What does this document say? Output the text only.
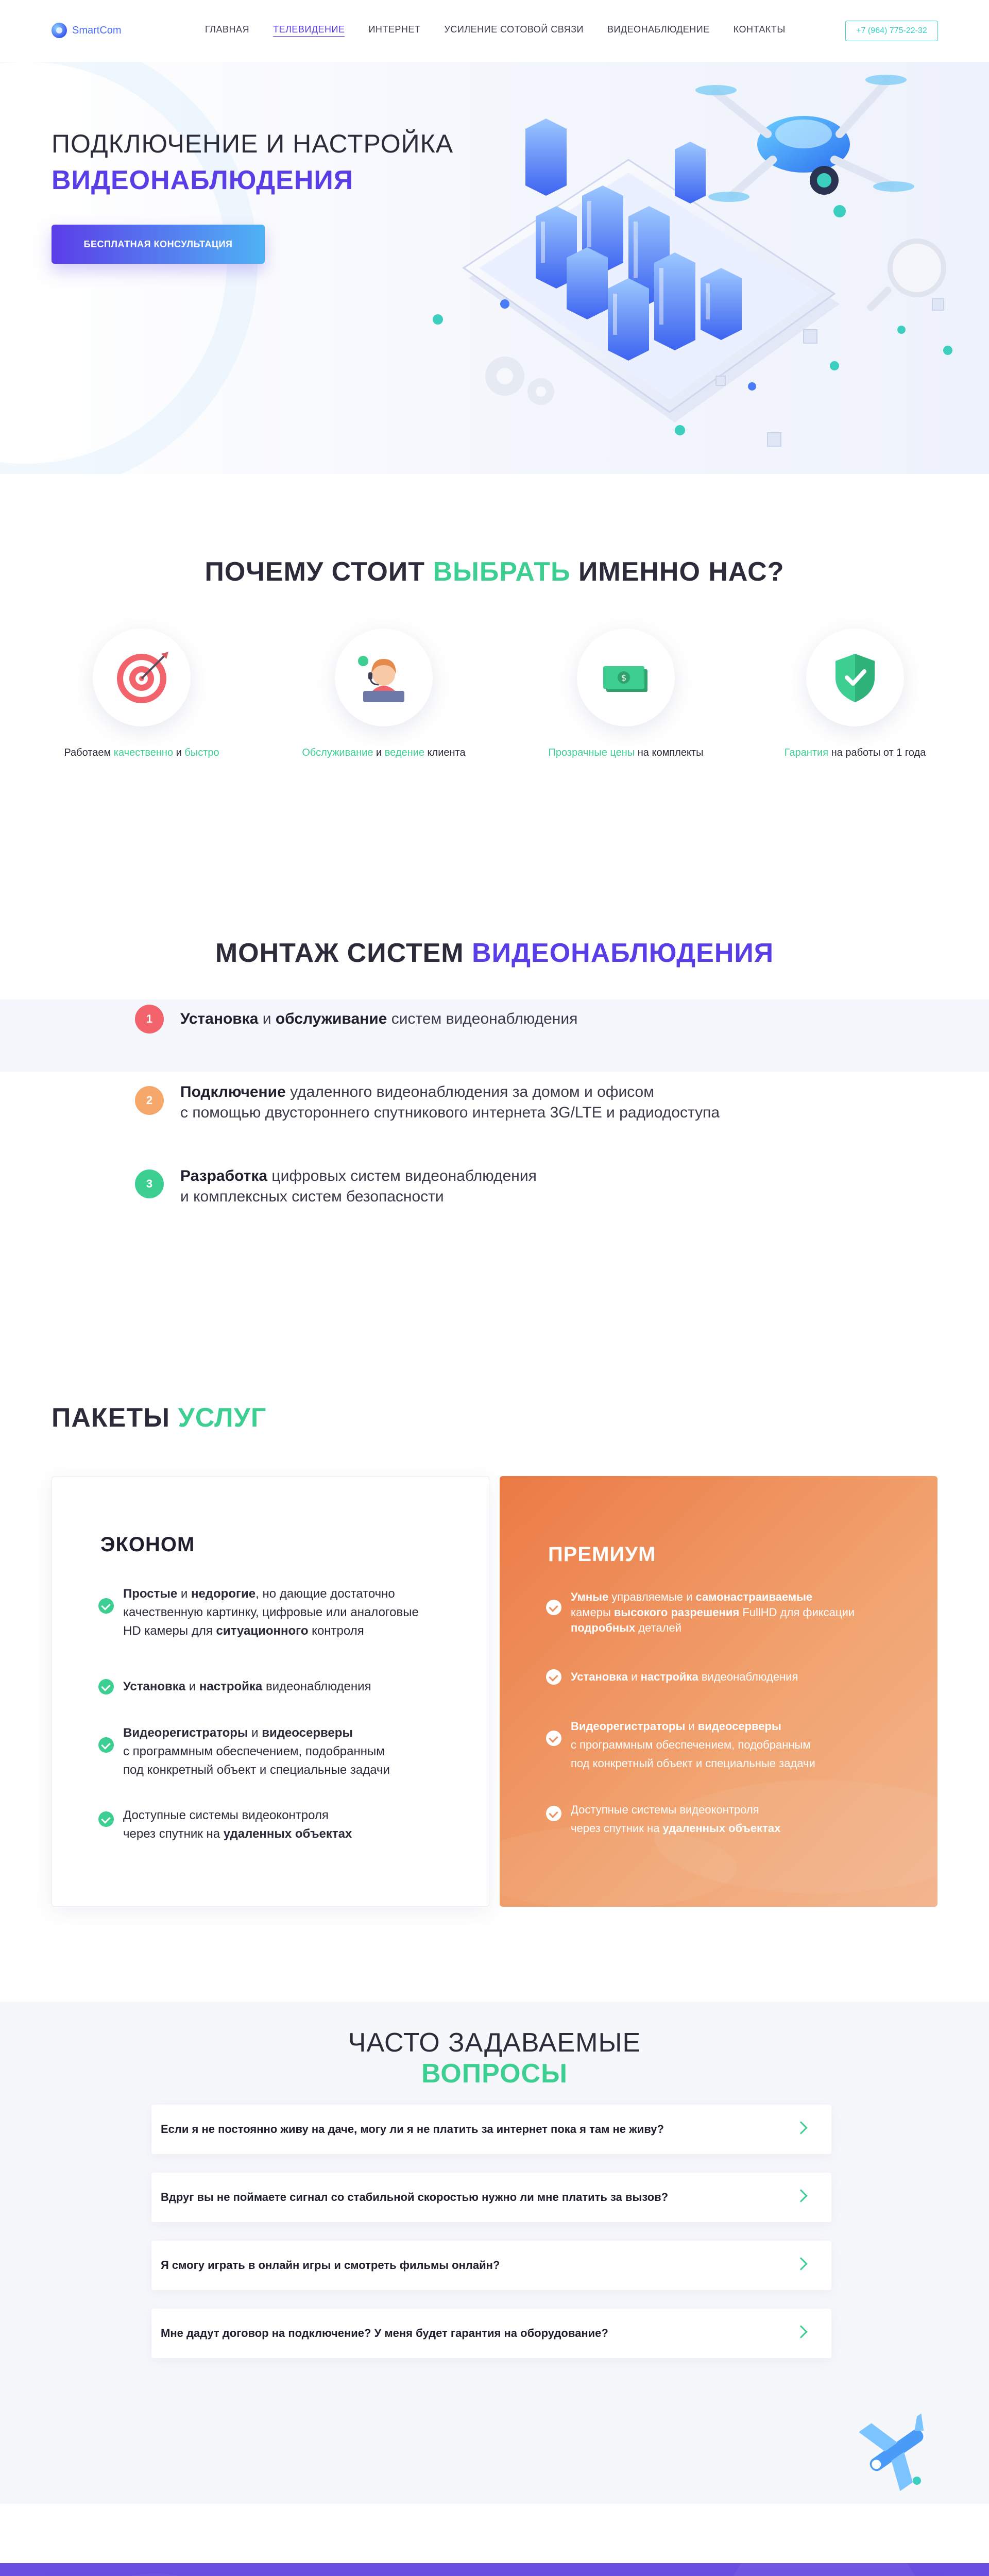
SmartCom	ГЛАВНАЯ	ТЕЛЕВИДЕНИЕ	ИНТЕРНЕТ	УСИЛЕНИЕ СОТОВОЙ СВЯЗИ	ВИДЕОНАБЛЮДЕНИЕ	КОНТАКТЫ	+7 (964) 775-22-32
ПОДКЛЮЧЕНИЕ И НАСТРОЙКА
ВИДЕОНАБЛЮДЕНИЯ
БЕСПЛАТНАЯ КОНСУЛЬТАЦИЯ
ПОЧЕМУ СТОИТ ВЫБРАТЬ ИМЕННО НАС?
Работаем качественно и быстро	Обслуживание и ведение клиента
$
Прозрачные цены на комплекты	Гарантия на работы от 1 года
МОНТАЖ СИСТЕМ ВИДЕОНАБЛЮДЕНИЯ
1	Установка и обслуживание систем видеонаблюдения
2	Подключение удаленного видеонаблюдения за домом и офисом
с помощью двустороннего спутникового интернета 3G/LTE и радиодоступа
3	Разработка цифровых систем видеонаблюдения
и комплексных систем безопасности
ПАКЕТЫ УСЛУГ
ЭКОНОМ
Простые и недорогие, но дающие достаточно
качественную картинку, цифровые или аналоговые
HD камеры для ситуационного контроля
Установка и настройка видеонаблюдения
Видеорегистраторы и видеосерверы
с программным обеспечением, подобранным
под конкретный объект и специальные задачи
Доступные системы видеоконтроля
через спутник на удаленных объектах
ПРЕМИУМ
Умные управляемые и самонастраиваемые
камеры высокого разрешения FullHD для фиксации
подробных деталей
Установка и настройка видеонаблюдения
Видеорегистраторы и видеосерверы
с программным обеспечением, подобранным
под конкретный объект и специальные задачи
Доступные системы видеоконтроля
через спутник на удаленных объектах
ЧАСТО ЗАДАВАЕМЫЕ
ВОПРОСЫ
Если я не постоянно живу на даче, могу ли я не платить за интернет пока я там не живу?
Вдруг вы не поймаете сигнал со стабильной скоростью нужно ли мне платить за вызов?
Я смогу играть в онлайн игры и смотреть фильмы онлайн?
Мне дадут договор на подключение? У меня будет гарантия на оборудование?
